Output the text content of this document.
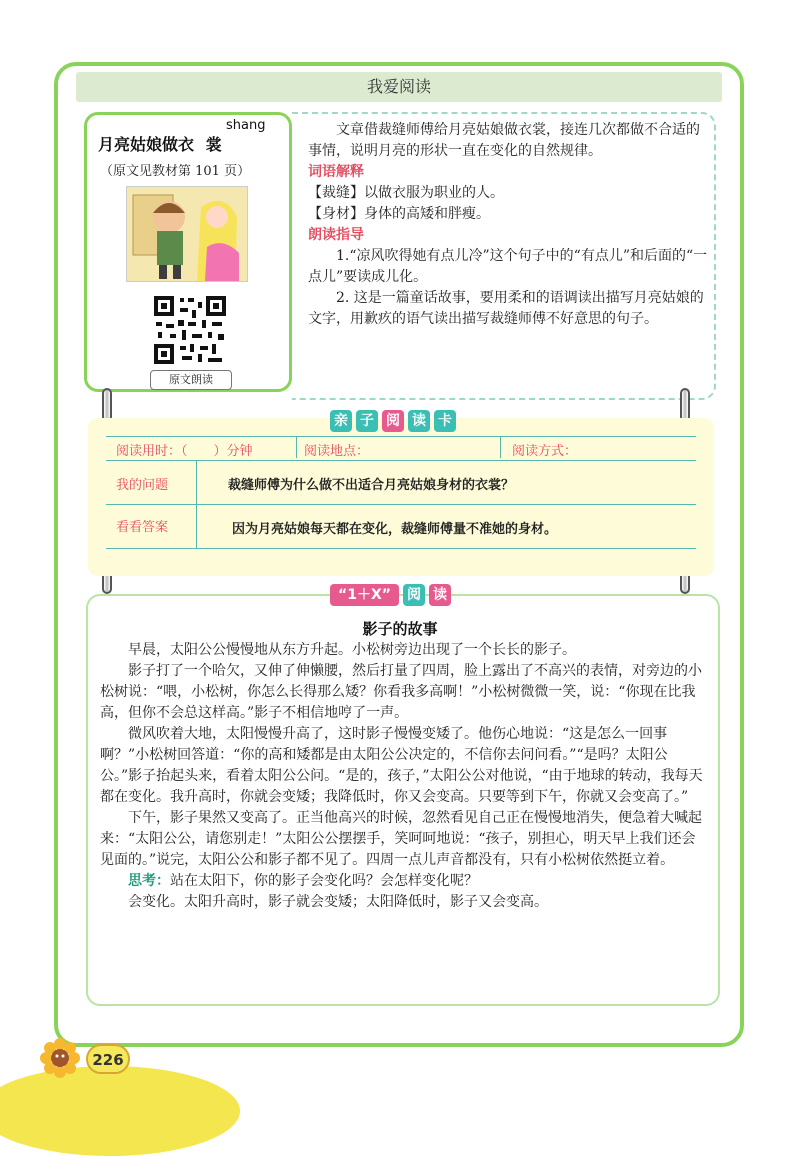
我爱阅读
shang
月亮姑娘做衣 裳
（原文见教材第 101 页）
原文朗读
文章借裁缝师傅给月亮姑娘做衣裳，接连几次都做不合适的事情，说明月亮的形状一直在变化的自然规律。
词语解释
【裁缝】以做衣服为职业的人。
【身材】身体的高矮和胖瘦。
朗读指导
1.“凉风吹得她有点儿冷”这个句子中的“有点儿”和后面的“一点儿”要读成儿化。
2. 这是一篇童话故事，要用柔和的语调读出描写月亮姑娘的文字，用歉疚的语气读出描写裁缝师傅不好意思的句子。
亲 子 阅 读 卡
阅读用时：（　　）分钟	阅读地点：	阅读方式：
我的问题	裁缝师傅为什么做不出适合月亮姑娘身材的衣裳？
看看答案	因为月亮姑娘每天都在变化，裁缝师傅量不准她的身材。
“1＋X” 阅 读
影子的故事

早晨，太阳公公慢慢地从东方升起。小松树旁边出现了一个长长的影子。

影子打了一个哈欠，又伸了伸懒腰，然后打量了四周，脸上露出了不高兴的表情，对旁边的小松树说：“喂，小松树，你怎么长得那么矮？你看我多高啊！”小松树微微一笑，说：“你现在比我高，但你不会总这样高。”影子不相信地哼了一声。

微风吹着大地，太阳慢慢升高了，这时影子慢慢变矮了。他伤心地说：“这是怎么一回事啊？”小松树回答道：“你的高和矮都是由太阳公公决定的，不信你去问问看。”“是吗？太阳公公。”影子抬起头来，看着太阳公公问。“是的，孩子，”太阳公公对他说，“由于地球的转动，我每天都在变化。我升高时，你就会变矮；我降低时，你又会变高。只要等到下午，你就又会变高了。”

下午，影子果然又变高了。正当他高兴的时候，忽然看见自己正在慢慢地消失，便急着大喊起来：“太阳公公，请您别走！”太阳公公摆摆手，笑呵呵地说：“孩子，别担心，明天早上我们还会见面的。”说完，太阳公公和影子都不见了。四周一点儿声音都没有，只有小松树依然挺立着。

思考：站在太阳下，你的影子会变化吗？会怎样变化呢？

会变化。太阳升高时，影子就会变矮；太阳降低时，影子又会变高。

226
